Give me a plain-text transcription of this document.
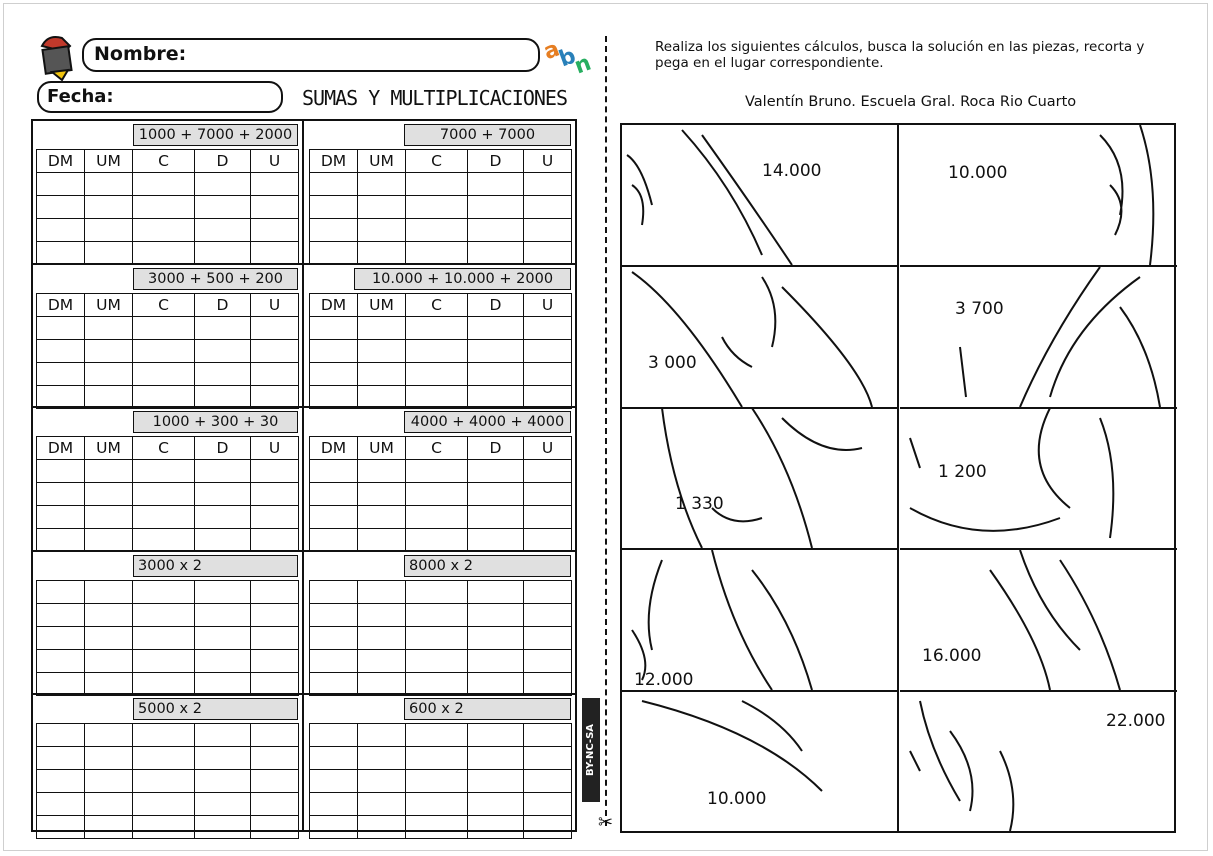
Nombre:	a
b
n
Fecha:	SUMAS Y MULTIPLICACIONES
1000 + 7000 + 2000
DM	UM	C	D	U

7000 + 7000
DM	UM	C	D	U

3000 + 500 + 200
DM	UM	C	D	U

10.000 + 10.000 + 2000
DM	UM	C	D	U

1000 + 300 + 30
DM	UM	C	D	U

4000 + 4000 + 4000
DM	UM	C	D	U

3000 x 2

					8000 x 2

5000 x 2

					600 x 2

✂
BY-NC-SA
Realiza los siguientes cálculos, busca la solución en las piezas, recorta y pega en el lugar correspondiente.
Valentín Bruno. Escuela Gral. Roca Rio Cuarto
14.000	10.000
3 000
3 700
1 330
1 200
12.000
16.000
10.000
22.000
